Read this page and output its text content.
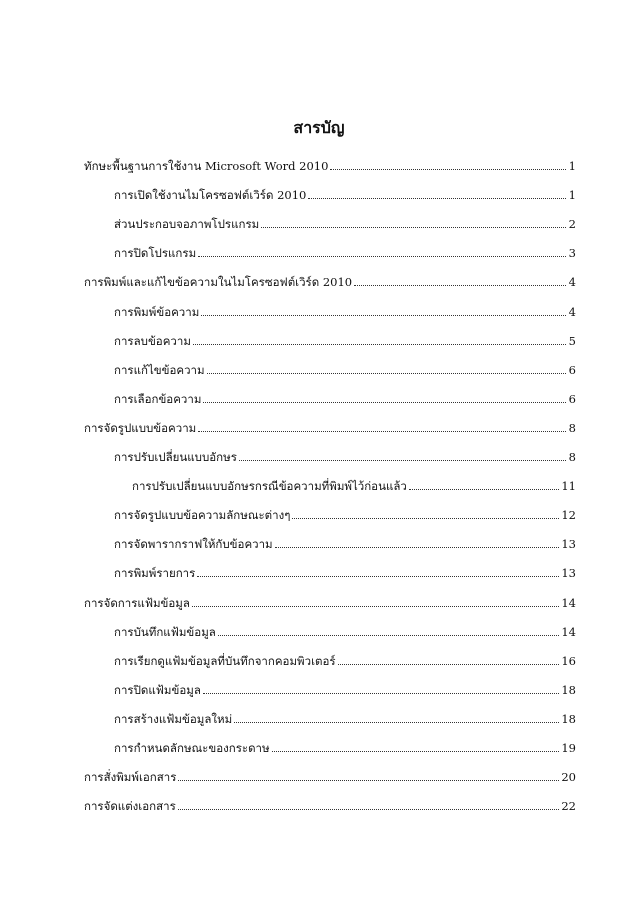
สารบัญ
ทักษะพื้นฐานการใช้งาน Microsoft Word 2010	1
การเปิดใช้งานไมโครซอฟต์เวิร์ด 2010	1
ส่วนประกอบจอภาพโปรแกรม	2
การปิดโปรแกรม	3
การพิมพ์และแก้ไขข้อความในไมโครซอฟต์เวิร์ด 2010	4
การพิมพ์ข้อความ	4
การลบข้อความ	5
การแก้ไขข้อความ	6
การเลือกข้อความ	6
การจัดรูปแบบข้อความ	8
การปรับเปลี่ยนแบบอักษร	8
การปรับเปลี่ยนแบบอักษรกรณีข้อความที่พิมพ์ไว้ก่อนแล้ว	11
การจัดรูปแบบข้อความลักษณะต่างๆ	12
การจัดพารากราฟให้กับข้อความ	13
การพิมพ์รายการ	13
การจัดการแฟ้มข้อมูล	14
การบันทึกแฟ้มข้อมูล	14
การเรียกดูแฟ้มข้อมูลที่บันทึกจากคอมพิวเตอร์	16
การปิดแฟ้มข้อมูล	18
การสร้างแฟ้มข้อมูลใหม่	18
การกำหนดลักษณะของกระดาษ	19
การสั่งพิมพ์เอกสาร	20
การจัดแต่งเอกสาร	22
